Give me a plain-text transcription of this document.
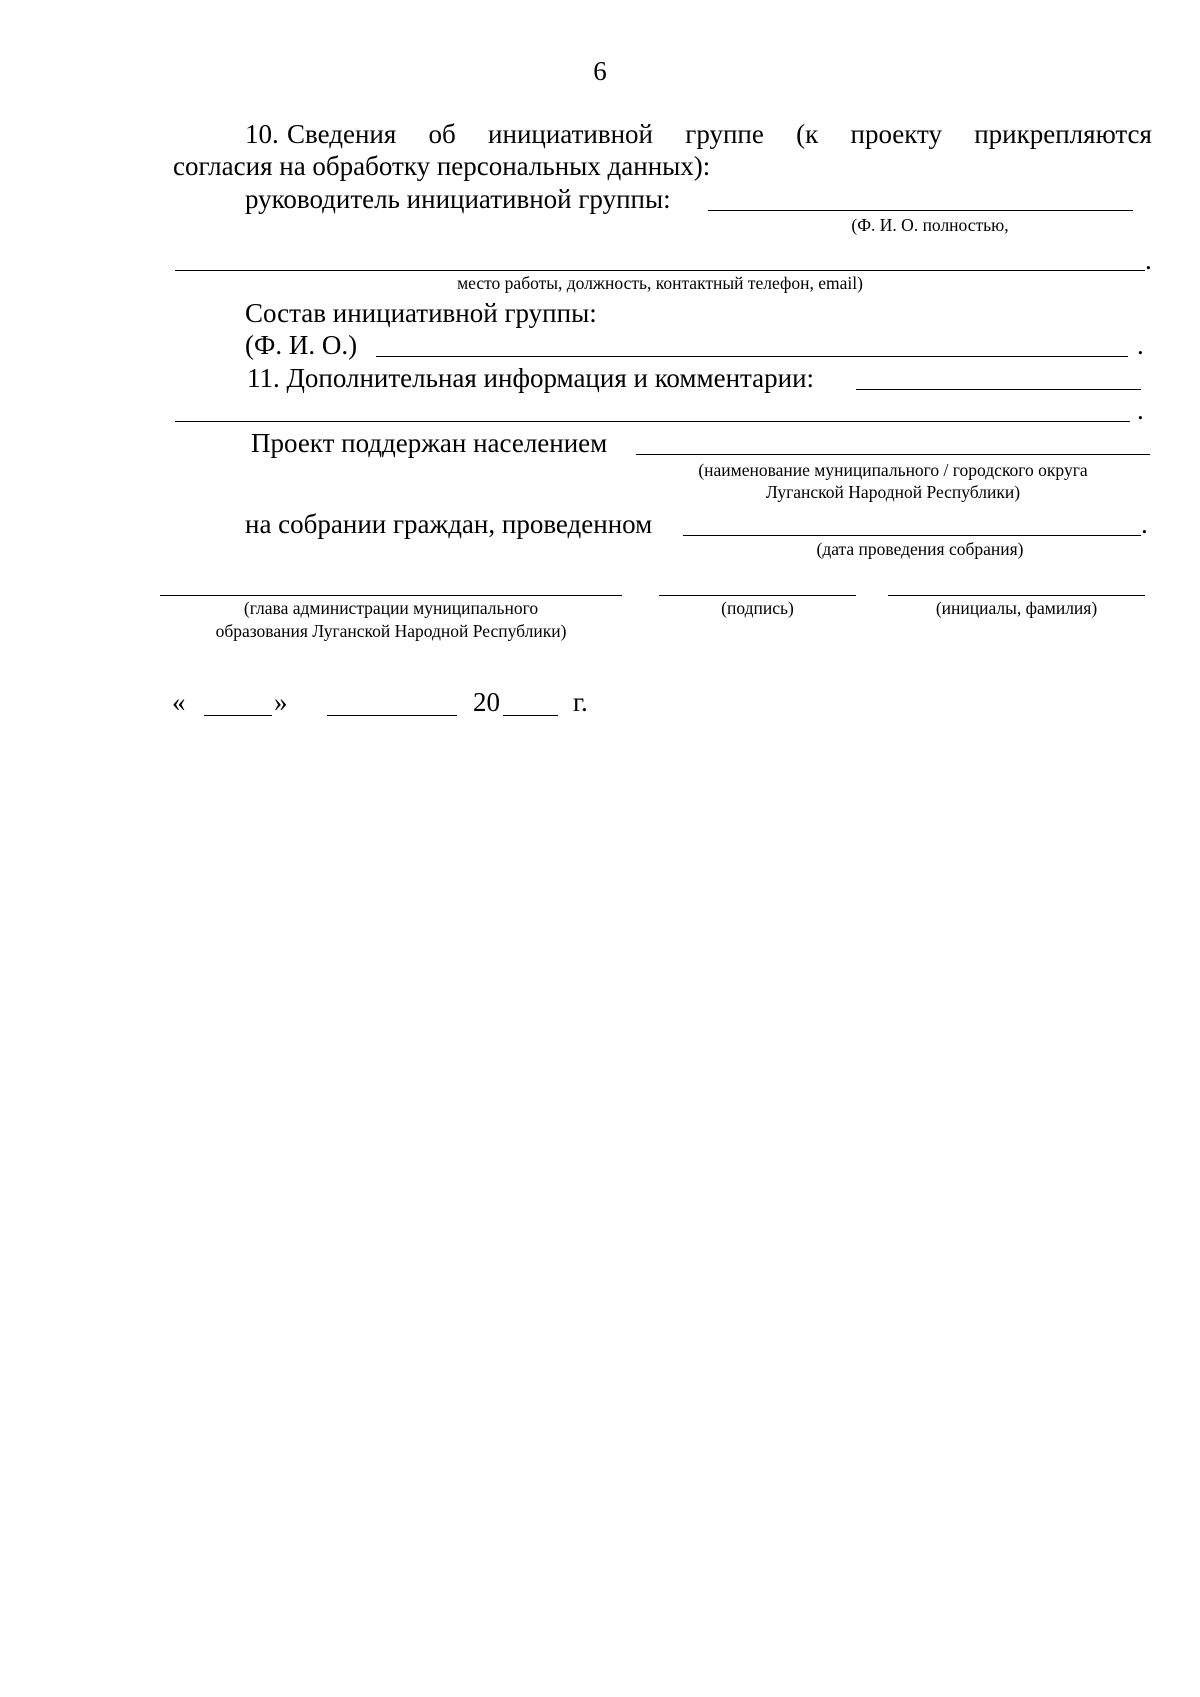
6
10. Сведения об инициативной группе (к проекту прикрепляются
согласия на обработку персональных данных):
руководитель инициативной группы:
(Ф. И. О. полностью,
.
место работы, должность, контактный телефон, email)
Состав инициативной группы:
(Ф. И. О.)	.
11. Дополнительная информация и комментарии:
.
Проект поддержан населением
(наименование муниципального / городского округа
Луганской Народной Республики)
на собрании граждан, проведенном	.
(дата проведения собрания)
(глава администрации муниципального
образования Луганской Народной Республики)
(подпись)	(инициалы, фамилия)
«	»	20	г.
